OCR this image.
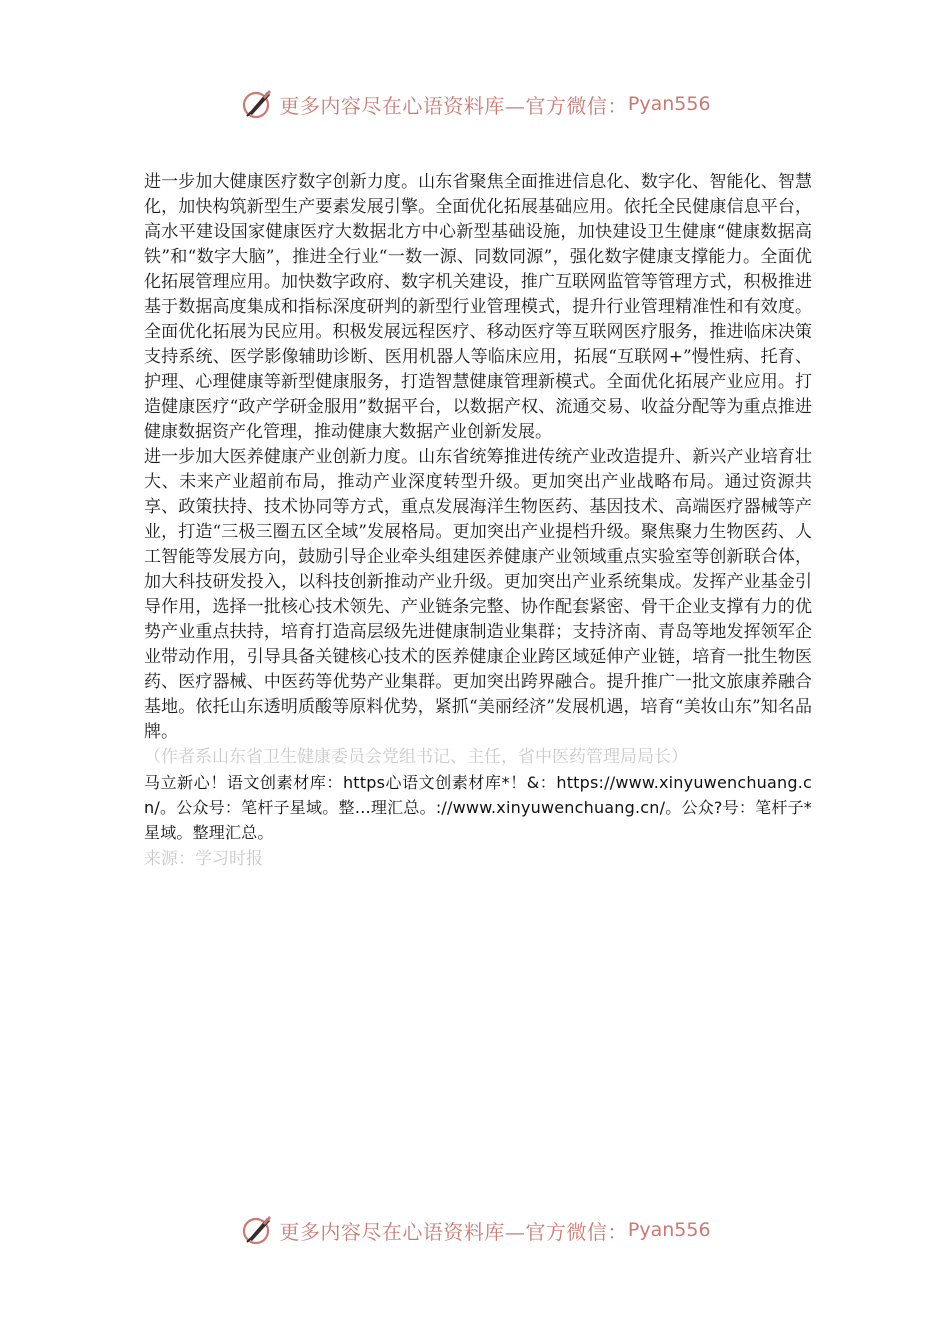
更多内容尽在心语资料库—官方微信： Pyan556

进一步加大健康医疗数字创新力度。山东省聚焦全面推进信息化、数字化、智能化、智慧化，加快构筑新型生产要素发展引擎。全面优化拓展基础应用。依托全民健康信息平台，高水平建设国家健康医疗大数据北方中心新型基础设施，加快建设卫生健康“健康数据高铁”和“数字大脑”，推进全行业“一数一源、同数同源”，强化数字健康支撑能力。全面优化拓展管理应用。加快数字政府、数字机关建设，推广互联网监管等管理方式，积极推进基于数据高度集成和指标深度研判的新型行业管理模式，提升行业管理精准性和有效度。全面优化拓展为民应用。积极发展远程医疗、移动医疗等互联网医疗服务，推进临床决策支持系统、医学影像辅助诊断、医用机器人等临床应用，拓展“互联网+”慢性病、托育、护理、心理健康等新型健康服务，打造智慧健康管理新模式。全面优化拓展产业应用。打造健康医疗“政产学研金服用”数据平台，以数据产权、流通交易、收益分配等为重点推进健康数据资产化管理，推动健康大数据产业创新发展。

进一步加大医养健康产业创新力度。山东省统筹推进传统产业改造提升、新兴产业培育壮大、未来产业超前布局，推动产业深度转型升级。更加突出产业战略布局。通过资源共享、政策扶持、技术协同等方式，重点发展海洋生物医药、基因技术、高端医疗器械等产业，打造“三极三圈五区全域”发展格局。更加突出产业提档升级。聚焦聚力生物医药、人工智能等发展方向，鼓励引导企业牵头组建医养健康产业领域重点实验室等创新联合体，加大科技研发投入，以科技创新推动产业升级。更加突出产业系统集成。发挥产业基金引导作用，选择一批核心技术领先、产业链条完整、协作配套紧密、骨干企业支撑有力的优势产业重点扶持，培育打造高层级先进健康制造业集群；支持济南、青岛等地发挥领军企业带动作用，引导具备关键核心技术的医养健康企业跨区域延伸产业链，培育一批生物医药、医疗器械、中医药等优势产业集群。更加突出跨界融合。提升推广一批文旅康养融合基地。依托山东透明质酸等原料优势，紧抓“美丽经济”发展机遇，培育“美妆山东”知名品牌。

（作者系山东省卫生健康委员会党组书记、主任，省中医药管理局局长）

马立新心！语文创素材库：https心语文创素材库*！&：https://www.xinyuwenchuang.cn/。公众号：笔杆子星域。整…理汇总。://www.xinyuwenchuang.cn/。公众?号：笔杆子*星域。整理汇总。

来源：学习时报

更多内容尽在心语资料库—官方微信： Pyan556
